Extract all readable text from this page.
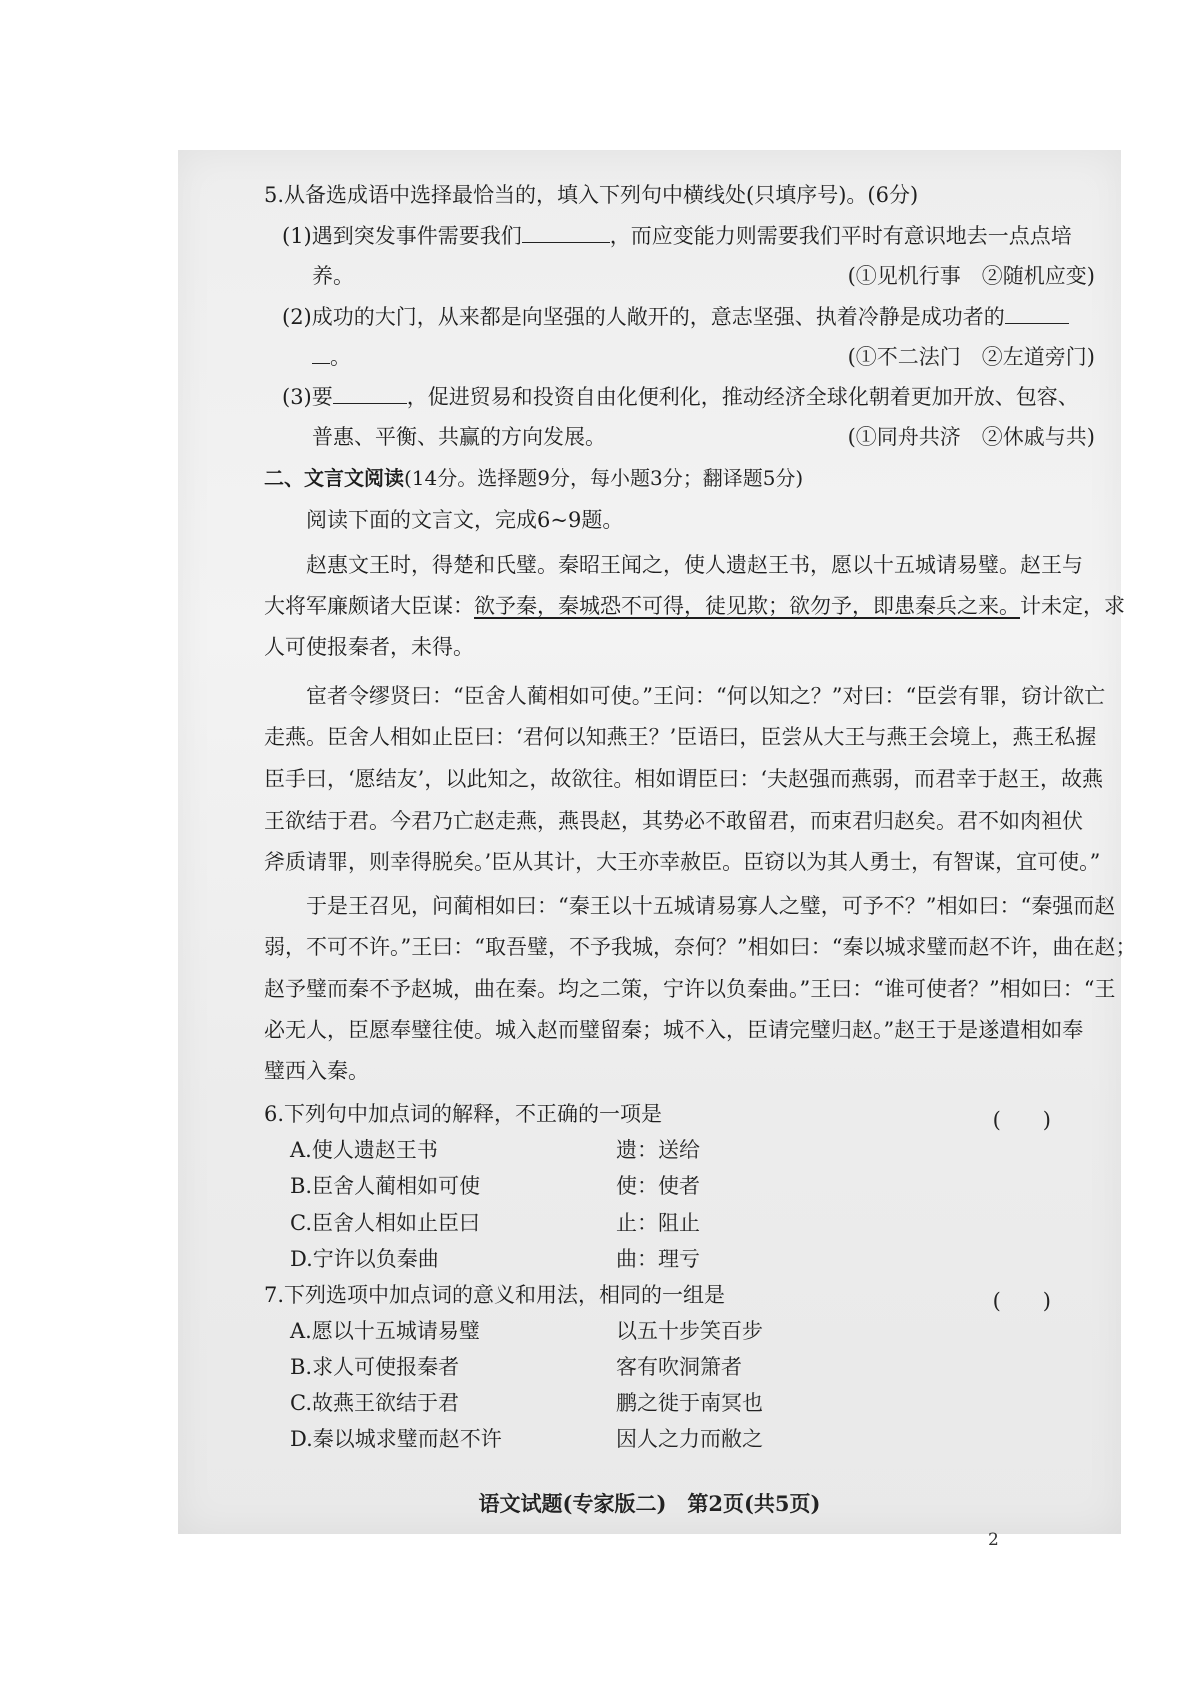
5.从备选成语中选择最恰当的，填入下列句中横线处(只填序号)。(6分)
(1)遇到突发事件需要我们	，而应变能力则需要我们平时有意识地去一点点培
养。	(①见机行事　②随机应变)
(2)成功的大门，从来都是向坚强的人敞开的，意志坚强、执着冷静是成功者的
。	(①不二法门　②左道旁门)
(3)要	，促进贸易和投资自由化便利化，推动经济全球化朝着更加开放、包容、
普惠、平衡、共赢的方向发展。	(①同舟共济　②休戚与共)
二、文言文阅读(14分。选择题9分，每小题3分；翻译题5分)
阅读下面的文言文，完成6~9题。
赵惠文王时，得楚和氏璧。秦昭王闻之，使人遗赵王书，愿以十五城请易璧。赵王与
大将军廉颇诸大臣谋：欲予秦，秦城恐不可得，徒见欺；欲勿予，即患秦兵之来。计未定，求
人可使报秦者，未得。
宦者令缪贤曰：“臣舍人蔺相如可使。”王问：“何以知之？”对曰：“臣尝有罪，窃计欲亡
走燕。臣舍人相如止臣曰：‘君何以知燕王？’臣语曰，臣尝从大王与燕王会境上，燕王私握
臣手曰，‘愿结友’，以此知之，故欲往。相如谓臣曰：‘夫赵强而燕弱，而君幸于赵王，故燕
王欲结于君。今君乃亡赵走燕，燕畏赵，其势必不敢留君，而束君归赵矣。君不如肉袒伏
斧质请罪，则幸得脱矣。’臣从其计，大王亦幸赦臣。臣窃以为其人勇士，有智谋，宜可使。”
于是王召见，问蔺相如曰：“秦王以十五城请易寡人之璧，可予不？”相如曰：“秦强而赵
弱，不可不许。”王曰：“取吾璧，不予我城，奈何？”相如曰：“秦以城求璧而赵不许，曲在赵；
赵予璧而秦不予赵城，曲在秦。均之二策，宁许以负秦曲。”王曰：“谁可使者？”相如曰：“王
必无人，臣愿奉璧往使。城入赵而璧留秦；城不入，臣请完璧归赵。”赵王于是遂遣相如奉
璧西入秦。
6.下列句中加点词的解释，不正确的一项是	(　　)
A.使人遗赵王书	遗：送给
B.臣舍人蔺相如可使	使：使者
C.臣舍人相如止臣曰	止：阻止
D.宁许以负秦曲	曲：理亏
7.下列选项中加点词的意义和用法，相同的一组是	(　　)
A.愿以十五城请易璧	以五十步笑百步
B.求人可使报秦者	客有吹洞箫者
C.故燕王欲结于君	鹏之徙于南冥也
D.秦以城求璧而赵不许	因人之力而敝之
语文试题(专家版二)　第2页(共5页)
2
